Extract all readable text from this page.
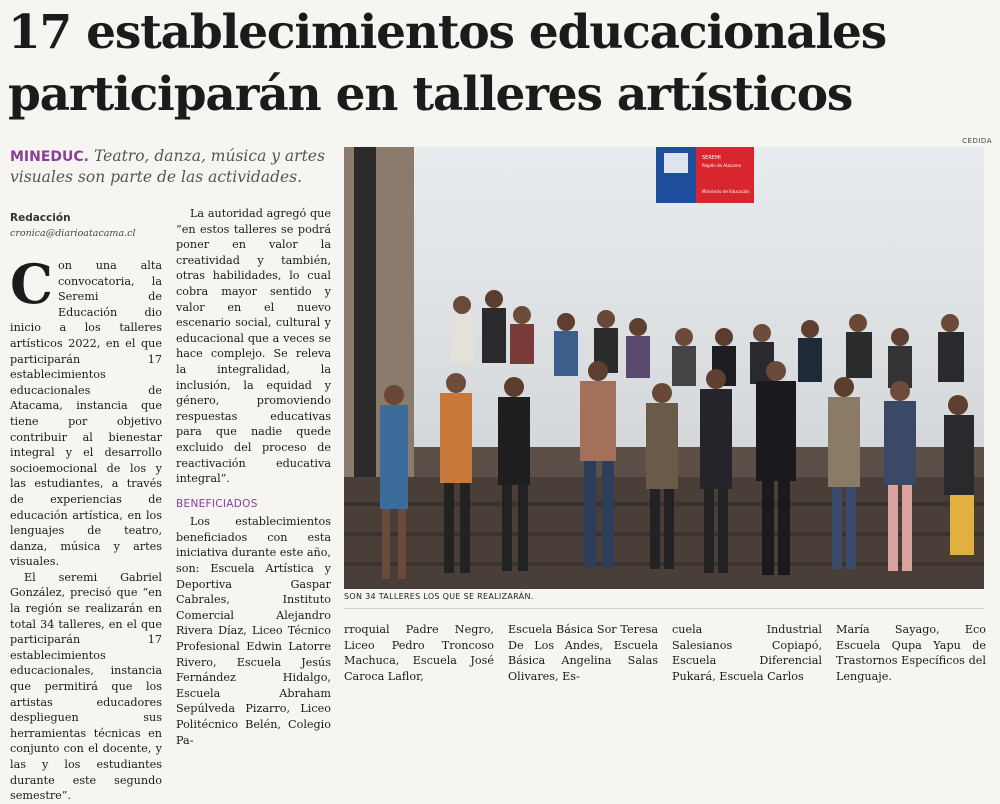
17 establecimientos educacionales
participarán en talleres artísticos
CEDIDA
MINEDUC. Teatro, danza, música y artes visuales son parte de las actividades.
Redacción
cronica@diarioatacama.cl

Con una alta convocatoria, la Seremi de Educación dio inicio a los talleres artísticos 2022, en el que participarán 17 establecimientos educacionales de Atacama, instancia que tiene por objetivo contribuir al bienestar integral y el desarrollo socioemocional de los y las estudiantes, a través de experiencias de educación artística, en los lenguajes de teatro, danza, música y artes visuales.

El seremi Gabriel González, precisó que “en la región se realizarán en total 34 talleres, en el que participarán 17 establecimientos educacionales, instancia que permitirá que los artistas educadores desplieguen sus herramientas técnicas en conjunto con el docente, y las y los estudiantes durante este segundo semestre”.

La autoridad agregó que “en estos talleres se podrá poner en valor la creatividad y también, otras habilidades, lo cual cobra mayor sentido y valor en el nuevo escenario social, cultural y educacional que a veces se hace complejo. Se releva la integralidad, la inclusión, la equidad y género, promoviendo respuestas educativas para que nadie quede excluido del proceso de reactivación educativa integral”.

BENEFICIADOS

Los establecimientos beneficiados con esta iniciativa durante este año, son: Escuela Artística y Deportiva Gaspar Cabrales, Instituto Comercial Alejandro Rivera Díaz, Liceo Técnico Profesional Edwin Latorre Rivero, Escuela Jesús Fernández Hidalgo, Escuela Abraham Sepúlveda Pizarro, Liceo Politécnico Belén, Colegio Pa-

SEREMI
Región de Atacama
Ministerio de Educación
SON 34 TALLERES LOS QUE SE REALIZARÁN.
rroquial Padre Negro, Liceo Pedro Troncoso Machuca, Escuela José Caroca Laflor,
Escuela Básica Sor Teresa De Los Andes, Escuela Básica Angelina Salas Olivares, Es-
cuela Industrial Salesianos Copiapó, Escuela Diferencial Pukará, Escuela Carlos
María Sayago, Eco Escuela Qupa Yapu de Trastornos Específicos del Lenguaje.
